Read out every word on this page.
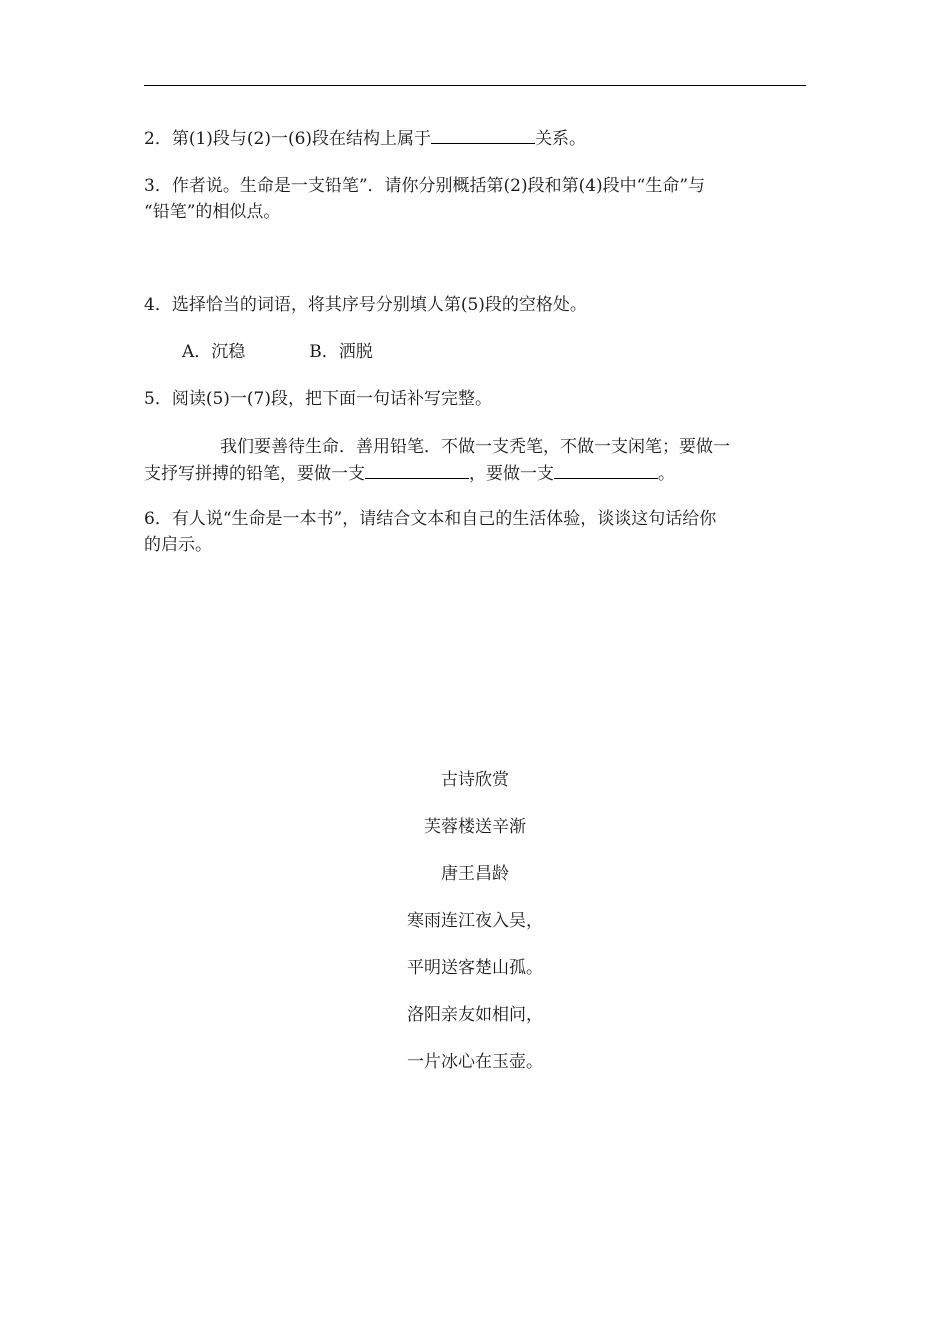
2．第(1)段与(2)一(6)段在结构上属于	关系。
3．作者说。生命是一支铅笔”．请你分别概括第(2)段和第(4)段中“生命”与
“铅笔”的相似点。
4．选择恰当的词语，将其序号分别填人第(5)段的空格处。
A．沉稳	B．洒脱
5．阅读(5)一(7)段，把下面一句话补写完整。
我们要善待生命．善用铅笔．不做一支秃笔，不做一支闲笔；要做一
支抒写拼搏的铅笔，要做一支	，要做一支	。
6．有人说“生命是一本书”，请结合文本和自己的生活体验，谈谈这句话给你
的启示。
古诗欣赏
芙蓉楼送辛渐
唐王昌龄
寒雨连江夜入吴，
平明送客楚山孤。
洛阳亲友如相问，
一片冰心在玉壶。
